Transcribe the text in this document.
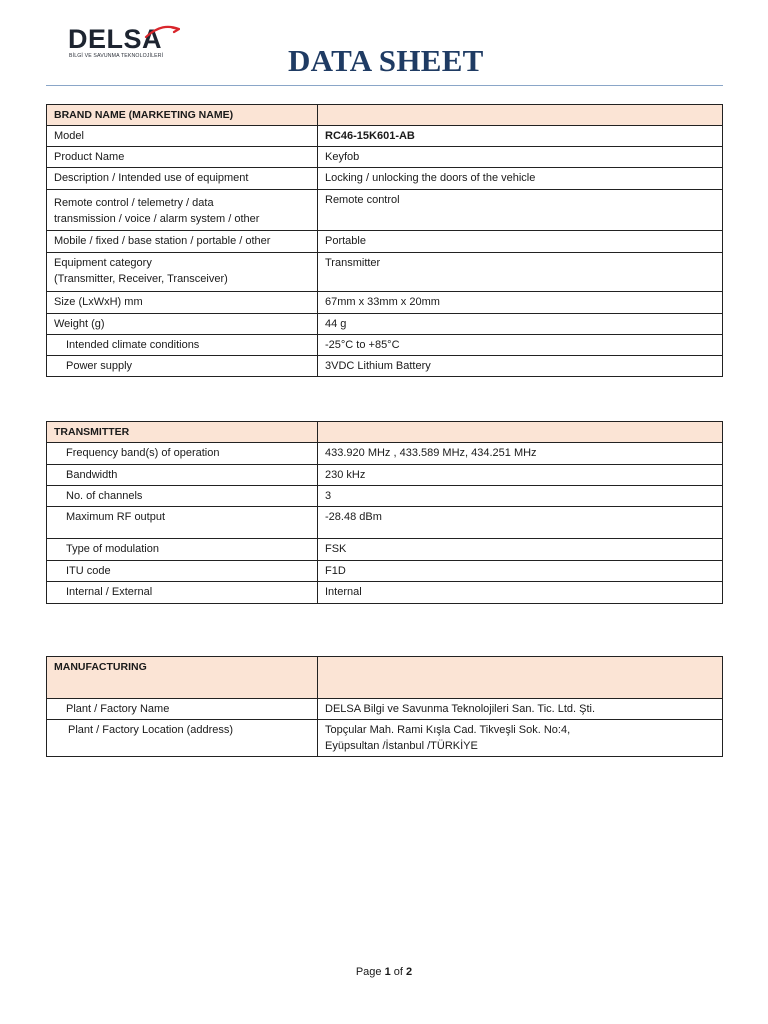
DELSA
BİLGİ VE SAVUNMA TEKNOLOJİLERİ	DATA SHEET
BRAND NAME (MARKETING NAME)	
Model	RC46-15K601-AB
Product Name	Keyfob
Description / Intended use of equipment	Locking / unlocking the doors of the vehicle

Remote control / telemetry / data
transmission / voice / alarm system / other	Remote control
Mobile / fixed / base station / portable / other	Portable

Equipment category
(Transmitter, Receiver, Transceiver)	Transmitter
Size (LxWxH) mm	67mm x 33mm x 20mm
Weight (g)	44 g
Intended climate conditions	-25°C to +85°C
Power supply	3VDC Lithium Battery
TRANSMITTER	
Frequency band(s) of operation	433.920 MHz , 433.589 MHz, 434.251 MHz
Bandwidth	230 kHz
No. of channels	3
Maximum RF output	-28.48 dBm
Type of modulation	FSK
ITU code	F1D
Internal / External	Internal
MANUFACTURING	
Plant / Factory Name	DELSA Bilgi ve Savunma Teknolojileri San. Tic. Ltd. Şti.
Plant / Factory Location (address)	Topçular Mah. Rami Kışla Cad. Tikveşli Sok. No:4,
Eyüpsultan /İstanbul /TÜRKİYE
Page 1 of 2
